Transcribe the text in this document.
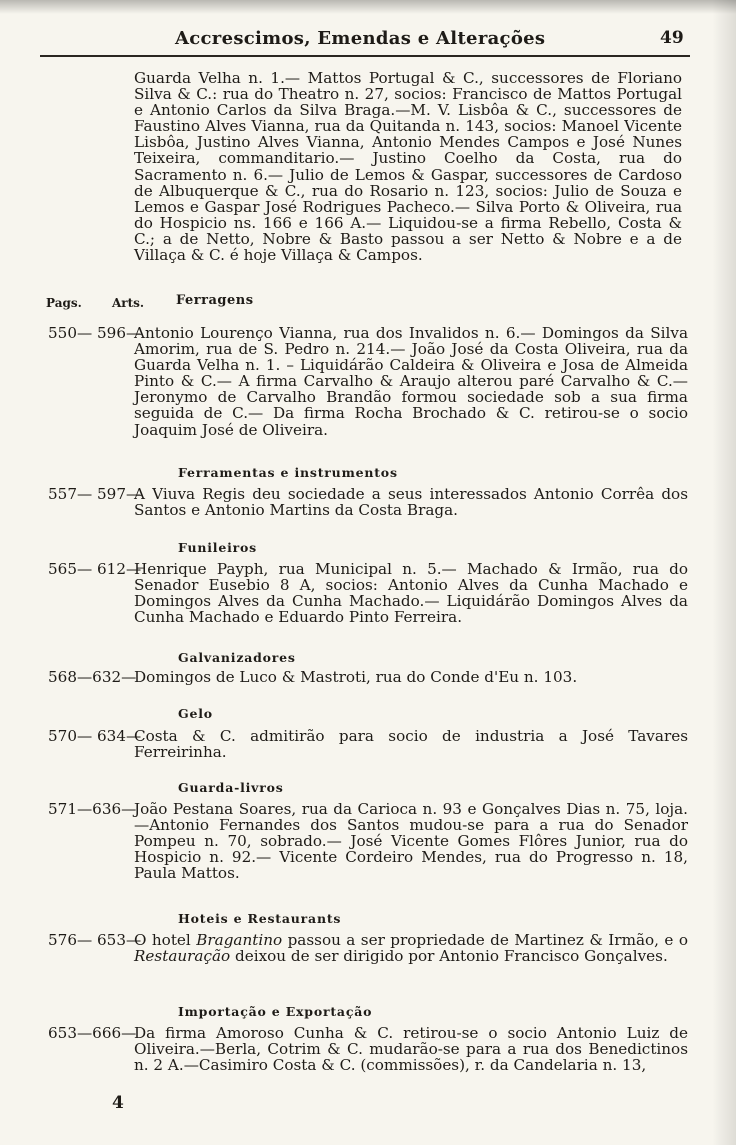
Accrescimos, Emendas e Alterações	49
Guarda Velha n. 1.— Mattos Portugal & C., successores de Floriano Silva & C.: rua do Theatro n. 27, socios: Francisco de Mattos Portugal e Antonio Carlos da Silva Braga.—M. V. Lisbôa & C., successores de Faustino Alves Vianna, rua da Quitanda n. 143, socios: Manoel Vicente Lisbôa, Justino Alves Vianna, Antonio Mendes Campos e José Nunes Teixeira, commanditario.— Justino Coelho da Costa, rua do Sacramento n. 6.— Julio de Lemos & Gaspar, successores de Cardoso de Albuquerque & C., rua do Rosario n. 123, socios: Julio de Souza e Lemos e Gaspar José Rodrigues Pacheco.— Silva Porto & Oliveira, rua do Hospicio ns. 166 e 166 A.— Liquidou-se a firma Rebello, Costa & C.; a de Netto, Nobre & Basto passou a ser Netto & Nobre e a de Villaça & C. é hoje Villaça & Campos.
Pags.	Arts. Ferragens
550— 596—
Antonio Lourenço Vianna, rua dos Invalidos n. 6.— Domingos da Silva Amorim, rua de S. Pedro n. 214.— João José da Costa Oliveira, rua da Guarda Velha n. 1. – Liquidárão Caldeira & Oliveira e Josa de Almeida Pinto & C.— A firma Carvalho & Araujo alterou paré Carvalho & C.— Jeronymo de Carvalho Brandão formou sociedade sob a sua firma seguida de C.— Da firma Rocha Brochado & C. retirou-se o socio Joaquim José de Oliveira.
Ferramentas e instrumentos
557— 597—
A Viuva Regis deu sociedade a seus interessados Antonio Corrêa dos Santos e Antonio Martins da Costa Braga.
Funileiros
565— 612—
Henrique Payph, rua Municipal n. 5.— Machado & Irmão, rua do Senador Eusebio 8 A, socios: Antonio Alves da Cunha Machado e Domingos Alves da Cunha Machado.— Liquidárão Domingos Alves da Cunha Machado e Eduardo Pinto Ferreira.
Galvanizadores
568—632—
Domingos de Luco & Mastroti, rua do Conde d'Eu n. 103.
Gelo
570— 634—
Costa & C. admitirão para socio de industria a José Tavares Ferreirinha.
Guarda-livros
571—636—
João Pestana Soares, rua da Carioca n. 93 e Gonçalves Dias n. 75, loja.—Antonio Fernandes dos Santos mudou-se para a rua do Senador Pompeu n. 70, sobrado.— José Vicente Gomes Flôres Junior, rua do Hospicio n. 92.— Vicente Cordeiro Mendes, rua do Progresso n. 18, Paula Mattos.
Hoteis e Restaurants
576— 653—
O hotel Bragantino passou a ser propriedade de Martinez & Irmão, e o Restauração deixou de ser dirigido por Antonio Francisco Gonçalves.
Importação e Exportação
653—666—
Da firma Amoroso Cunha & C. retirou-se o socio Antonio Luiz de Oliveira.—Berla, Cotrim & C. mudarão-se para a rua dos Benedictinos n. 2 A.—Casimiro Costa & C. (commissões), r. da Candelaria n. 13,
4
